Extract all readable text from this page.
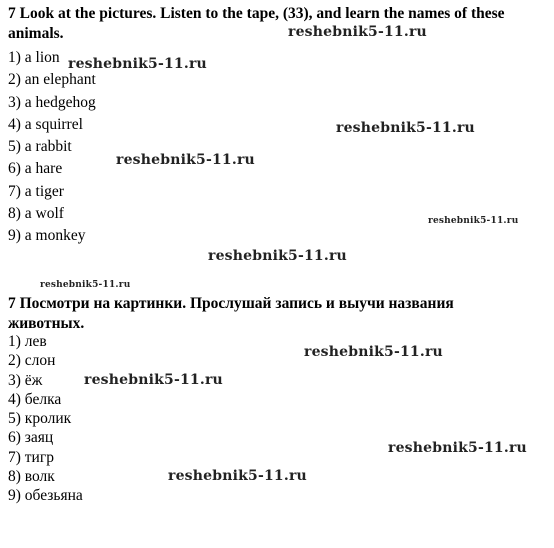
7 Look at the pictures. Listen to the tape, (33), and learn the names of these animals.

1) a lion
2) an elephant
3) a hedgehog
4) a squirrel
5) a rabbit
6) a hare
7) a tiger
8) a wolf
9) a monkey

7 Посмотри на картинки. Прослушай запись и выучи названия животных.

1) лев
2) слон
3) ёж
4) белка
5) кролик
6) заяц
7) тигр
8) волк
9) обезьяна
reshebnik5-11.ru
reshebnik5-11.ru
reshebnik5-11.ru
reshebnik5-11.ru
reshebnik5-11.ru
reshebnik5-11.ru
reshebnik5-11.ru
reshebnik5-11.ru
reshebnik5-11.ru
reshebnik5-11.ru
reshebnik5-11.ru
